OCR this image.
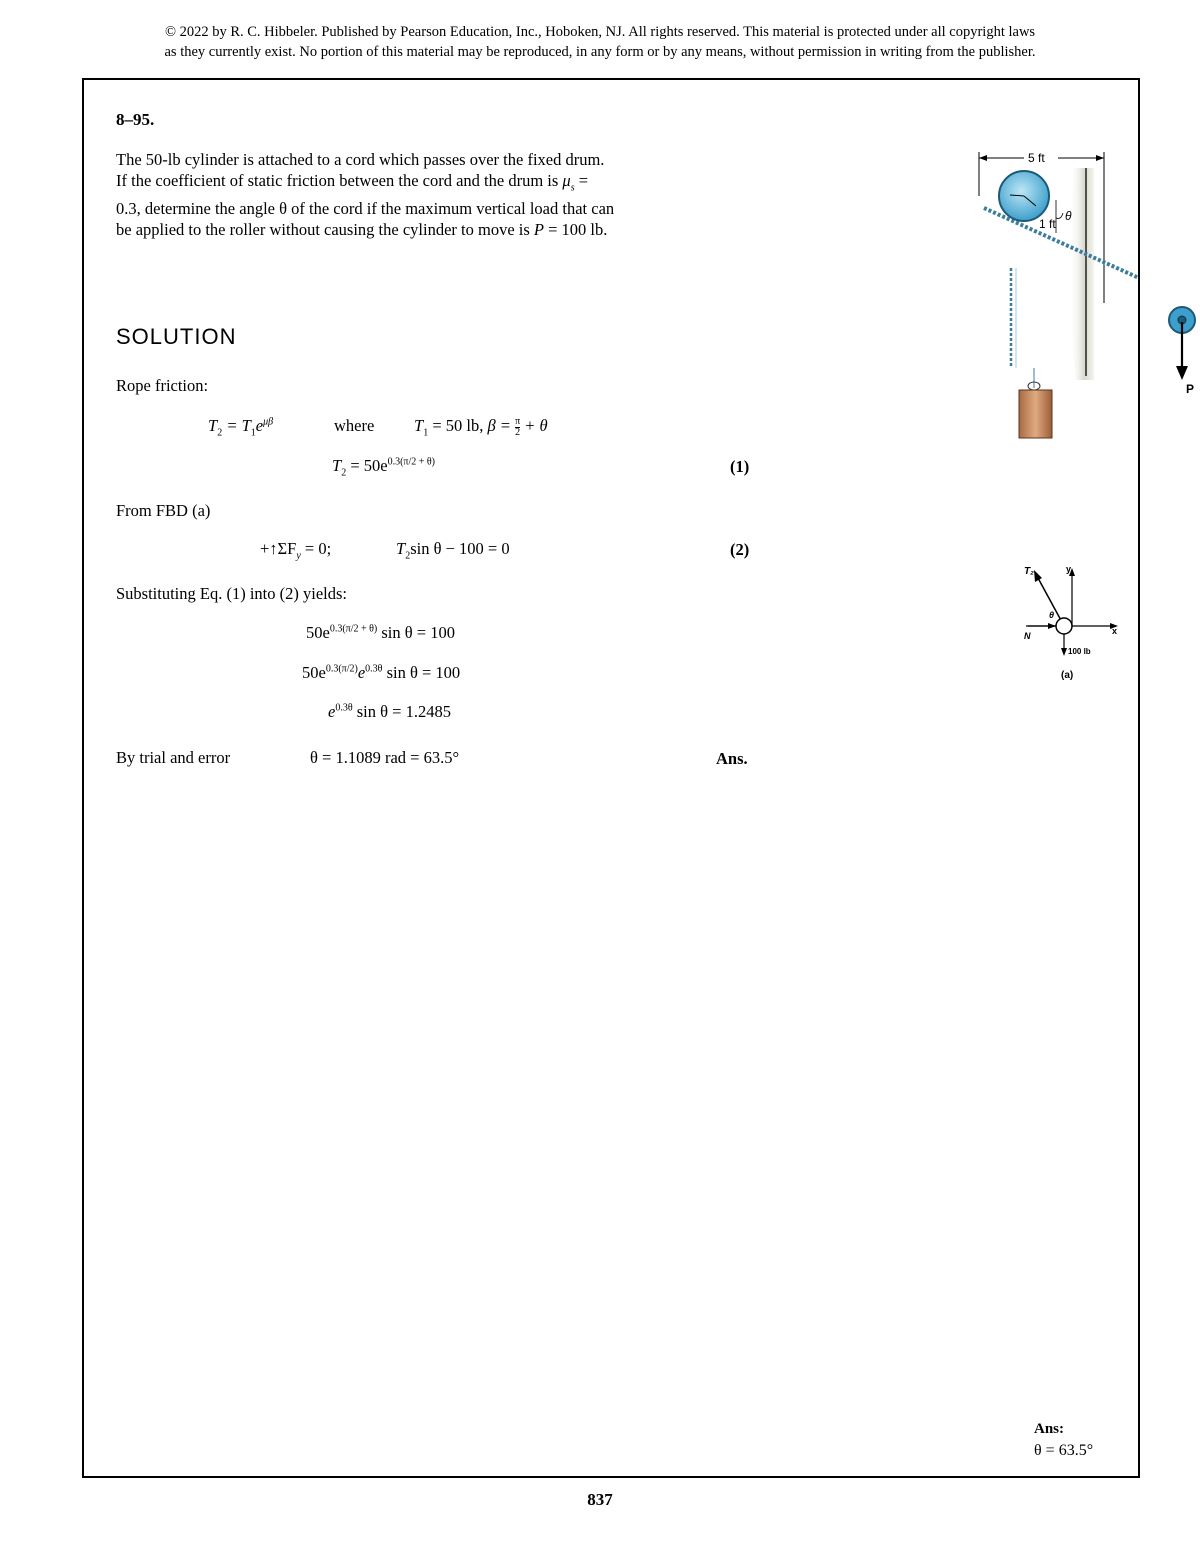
© 2022 by R. C. Hibbeler. Published by Pearson Education, Inc., Hoboken, NJ. All rights reserved. This material is protected under all copyright laws
as they currently exist. No portion of this material may be reproduced, in any form or by any means, without permission in writing from the publisher.
8–95.
The 50-lb cylinder is attached to a cord which passes over the fixed drum. If the coefficient of static friction between the cord and the drum is $\mu_s = 0.3$, determine the angle θ of the cord if the maximum vertical load that can be applied to the roller without causing the cylinder to move is P = 100 lb.
5 ft
1 ft
θ
P
SOLUTION
Rope friction:
$T_2 = T_1e^{\mu\beta}$	where $T_1 = 50$ lb, $\beta = \frac{\pi}{2} + \theta$
$T_2 = 50e^{0.3(\pi/2 + \theta)}$	(1)
From FBD (a)
$+↑\Sigma F_y = 0$;	$T_2\sin$ θ − 100 = 0	(2)
Substituting Eq. (1) into (2) yields:
$50e^{0.3(\pi/2 + \theta)}$ sin θ = 100
$50e^{0.3(\pi/2)}e^{0.3\theta}$ sin θ = 100
$e^{0.3\theta}$ sin θ = 1.2485
By trial and error	θ = 1.1089 rad = 63.5°	Ans.
x
y
T₂
θ
N
100 lb
(a)
Ans:
θ = 63.5°
837
